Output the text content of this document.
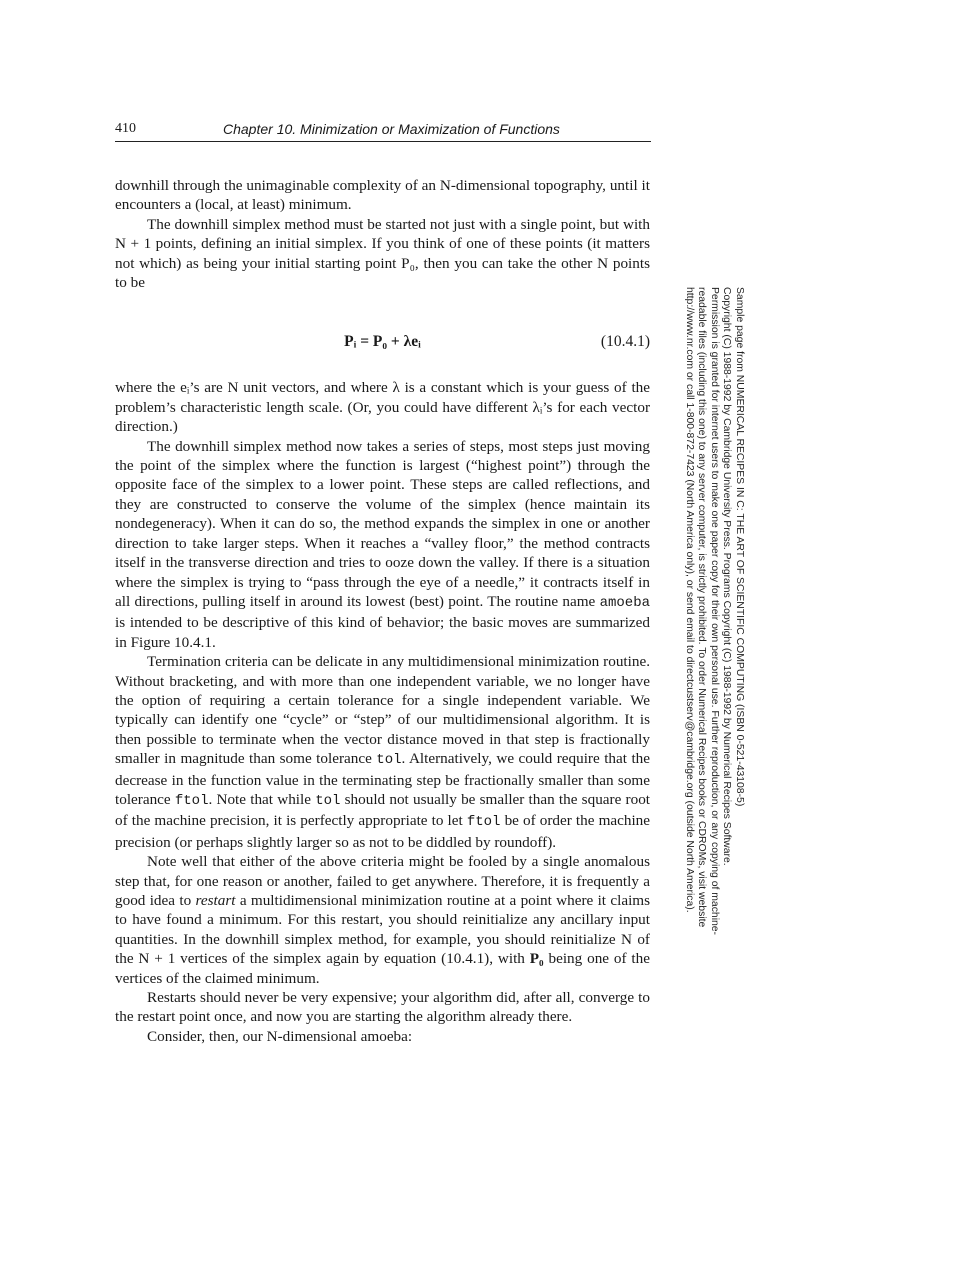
410	Chapter 10. Minimization or Maximization of Functions

downhill through the unimaginable complexity of an N-dimensional topography, until it encounters a (local, at least) minimum.

The downhill simplex method must be started not just with a single point, but with N + 1 points, defining an initial simplex. If you think of one of these points (it matters not which) as being your initial starting point P₀, then you can take the other N points to be

Pᵢ = P₀ + λeᵢ	(10.4.1)

where the eᵢ’s are N unit vectors, and where λ is a constant which is your guess of the problem’s characteristic length scale. (Or, you could have different λᵢ’s for each vector direction.)

The downhill simplex method now takes a series of steps, most steps just moving the point of the simplex where the function is largest (“highest point”) through the opposite face of the simplex to a lower point. These steps are called reflections, and they are constructed to conserve the volume of the simplex (hence maintain its nondegeneracy). When it can do so, the method expands the simplex in one or another direction to take larger steps. When it reaches a “valley floor,” the method contracts itself in the transverse direction and tries to ooze down the valley. If there is a situation where the simplex is trying to “pass through the eye of a needle,” it contracts itself in all directions, pulling itself in around its lowest (best) point. The routine name amoeba is intended to be descriptive of this kind of behavior; the basic moves are summarized in Figure 10.4.1.

Termination criteria can be delicate in any multidimensional minimization routine. Without bracketing, and with more than one independent variable, we no longer have the option of requiring a certain tolerance for a single independent variable. We typically can identify one “cycle” or “step” of our multidimensional algorithm. It is then possible to terminate when the vector distance moved in that step is fractionally smaller in magnitude than some tolerance tol. Alternatively, we could require that the decrease in the function value in the terminating step be fractionally smaller than some tolerance ftol. Note that while tol should not usually be smaller than the square root of the machine precision, it is perfectly appropriate to let ftol be of order the machine precision (or perhaps slightly larger so as not to be diddled by roundoff).

Note well that either of the above criteria might be fooled by a single anomalous step that, for one reason or another, failed to get anywhere. Therefore, it is frequently a good idea to restart a multidimensional minimization routine at a point where it claims to have found a minimum. For this restart, you should reinitialize any ancillary input quantities. In the downhill simplex method, for example, you should reinitialize N of the N + 1 vertices of the simplex again by equation (10.4.1), with P₀ being one of the vertices of the claimed minimum.

Restarts should never be very expensive; your algorithm did, after all, converge to the restart point once, and now you are starting the algorithm already there.

Consider, then, our N-dimensional amoeba:

Sample page from NUMERICAL RECIPES IN C: THE ART OF SCIENTIFIC COMPUTING (ISBN 0-521-43108-5)
Copyright (C) 1988-1992 by Cambridge University Press. Programs Copyright (C) 1988-1992 by Numerical Recipes Software.
Permission is granted for internet users to make one paper copy for their own personal use. Further reproduction, or any copying of machine-
readable files (including this one) to any server computer, is strictly prohibited. To order Numerical Recipes books or CDROMs, visit website
http://www.nr.com or call 1-800-872-7423 (North America only), or send email to directcustserv@cambridge.org (outside North America).
